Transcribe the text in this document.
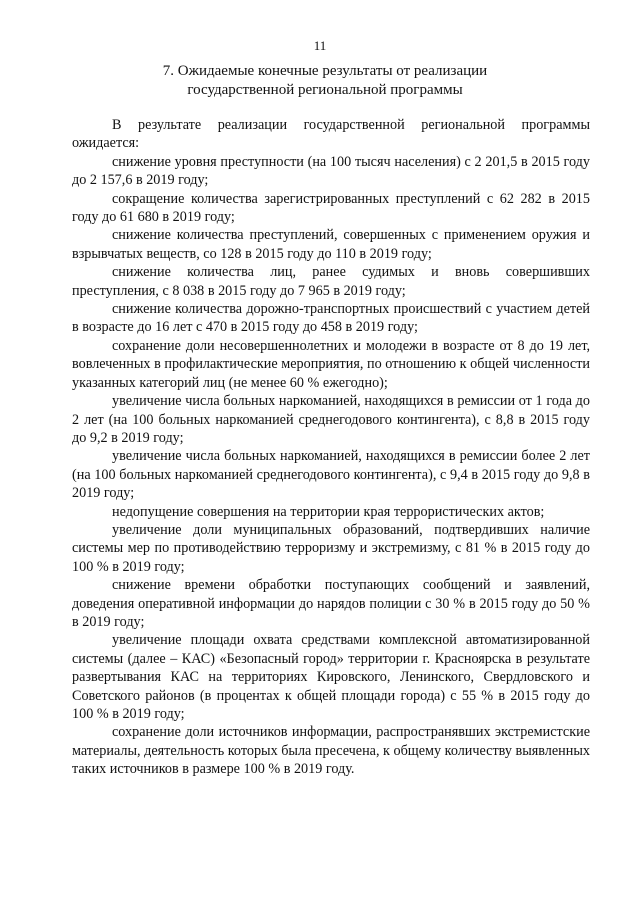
11
7. Ожидаемые конечные результаты от реализации
государственной региональной программы

В результате реализации государственной региональной программы ожидается:

снижение уровня преступности (на 100 тысяч населения) с 2 201,5 в 2015 году до 2 157,6 в 2019 году;

сокращение количества зарегистрированных преступлений с 62 282 в 2015 году до 61 680 в 2019 году;

снижение количества преступлений, совершенных с применением оружия и взрывчатых веществ, со 128 в 2015 году до 110 в 2019 году;

снижение количества лиц, ранее судимых и вновь совершивших преступления, с 8 038 в 2015 году до 7 965 в 2019 году;

снижение количества дорожно-транспортных происшествий с участием детей в возрасте до 16 лет с 470 в 2015 году до 458 в 2019 году;

сохранение доли несовершеннолетних и молодежи в возрасте от 8 до 19 лет, вовлеченных в профилактические мероприятия, по отношению к общей численности указанных категорий лиц (не менее 60 % ежегодно);

увеличение числа больных наркоманией, находящихся в ремиссии от 1 года до 2 лет (на 100 больных наркоманией среднегодового контингента), с 8,8 в 2015 году до 9,2 в 2019 году;

увеличение числа больных наркоманией, находящихся в ремиссии более 2 лет (на 100 больных наркоманией среднегодового контингента), с 9,4 в 2015 году до 9,8 в 2019 году;

недопущение совершения на территории края террористических актов;

увеличение доли муниципальных образований, подтвердивших наличие системы мер по противодействию терроризму и экстремизму, с 81 % в 2015 году до 100 % в 2019 году;

снижение времени обработки поступающих сообщений и заявлений, доведения оперативной информации до нарядов полиции с 30 % в 2015 году до 50 % в 2019 году;

увеличение площади охвата средствами комплексной автоматизированной системы (далее – КАС) «Безопасный город» территории г. Красноярска в результате развертывания КАС на территориях Кировского, Ленинского, Свердловского и Советского районов (в процентах к общей площади города) с 55 % в 2015 году до 100 % в 2019 году;

сохранение доли источников информации, распространявших экстремистские материалы, деятельность которых была пресечена, к общему количеству выявленных таких источников в размере 100 % в 2019 году.
